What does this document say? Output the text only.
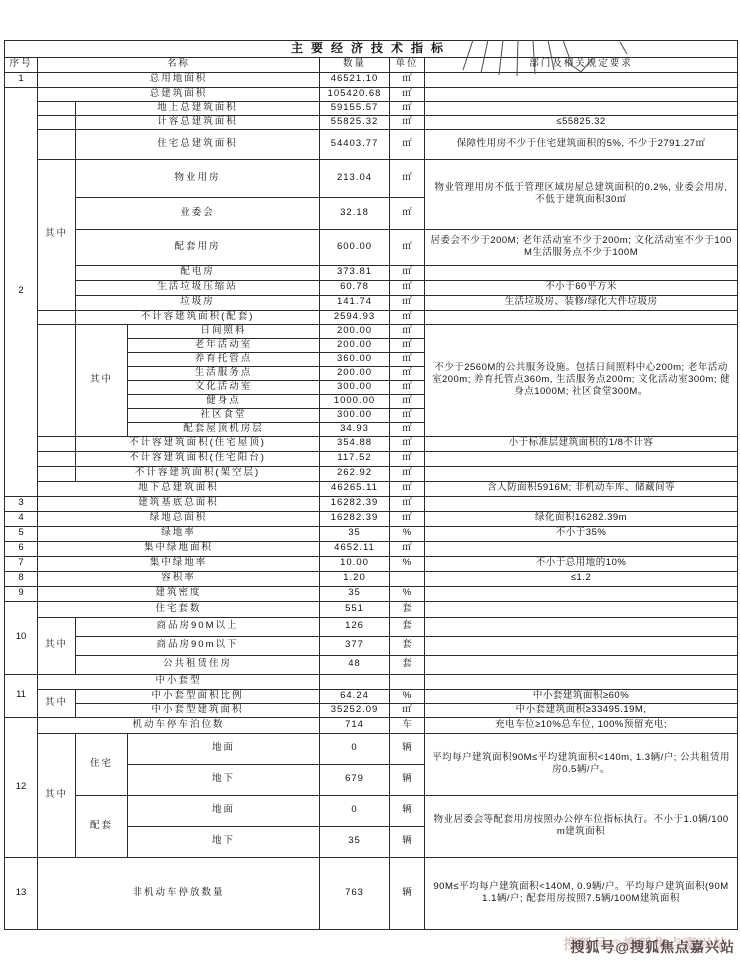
主要经济技术指标						
序号	名称			数量	单位	部门及相关规定要求
1	总用地面积			46521.10	㎡	
2	总建筑面积			105420.68	㎡	
		地上总建筑面积		59155.57	㎡	
		计容总建筑面积		55825.32	㎡	≤55825.32
		住宅总建筑面积		54403.77	㎡	保障性用房不少于住宅建筑面积的5%, 不少于2791.27㎡
	其中	物业用房		213.04	㎡	物业管理用房不低于管理区域房屋总建筑面积的0.2%, 业委会用房, 不低于建筑面积30㎡
		业委会		32.18	㎡	
		配套用房		600.00	㎡	居委会不少于200M; 老年活动室不少于200m; 文化活动室不少于100M生活服务点不少于100M
		配电房		373.81	㎡	
		生活垃圾压缩站		60.78	㎡	不小于60平方米
		垃圾房		141.74	㎡	生活垃圾房、装修/绿化大件垃圾房
		不计容建筑面积(配套)		2594.93	㎡	
		其中	日间照料	200.00	㎡	不少于2560M的公共服务设施。包括日间照料中心200m; 老年活动室200m; 养育托管点360m, 生活服务点200m; 文化活动室300m; 健身点1000M; 社区食堂300M。
			老年活动室	200.00	㎡	
			养育托管点	360.00	㎡	
			生活服务点	200.00	㎡	
			文化活动室	300.00	㎡	
			健身点	1000.00	㎡	
			社区食堂	300.00	㎡	
			配套屋顶机房层	34.93	㎡	
		不计容建筑面积(住宅屋顶)		354.88	㎡	小于标准层建筑面积的1/8不计容
		不计容建筑面积(住宅阳台)		117.52	㎡	
		不计容建筑面积(架空层)		262.92	㎡	
	地下总建筑面积			46265.11	㎡	含人防面积5916M; 非机动车库、储藏间等
3	建筑基底总面积			16282.39	㎡	
4	绿地总面积			16282.39	㎡	绿化面积16282.39m
5	绿地率			35	%	不小于35%
6	集中绿地面积			4652.11	㎡	
7	集中绿地率			10.00	%	不小于总用地的10%
8	容积率			1.20		≤1.2
9	建筑密度			35	%	
10	住宅套数			551	套	
	其中	商品房90M以上		126	套	
		商品房90m以下		377	套	
		公共租赁住房		48	套	
11	中小套型					
	其中	中小套型面积比例		64.24	%	中小套建筑面积≥60%
		中小套型建筑面积		35252.09	㎡	中小套建筑面积≥33495.19M,
12	机动车停车泊位数			714	车	充电车位≥10%总车位, 100%预留充电;
	其中	住宅	地面	0	辆	平均每户建筑面积90M≤平均建筑面积<140m, 1.3辆/户; 公共租赁用房0.5辆/户。
			地下	679	辆	
		配套	地面	0	辆	物业居委会等配套用房按照办公停车位指标执行。不小于1.0辆/100m建筑面积
			地下	35	辆	
13	非机动车停放数量			763	辆	90M≤平均每户建筑面积<140M, 0.9辆/户。平均每户建筑面积(90M 1.1辆/户; 配套用房按照7.5辆/100M建筑面积
搜狐号@搜狐焦点嘉兴站
